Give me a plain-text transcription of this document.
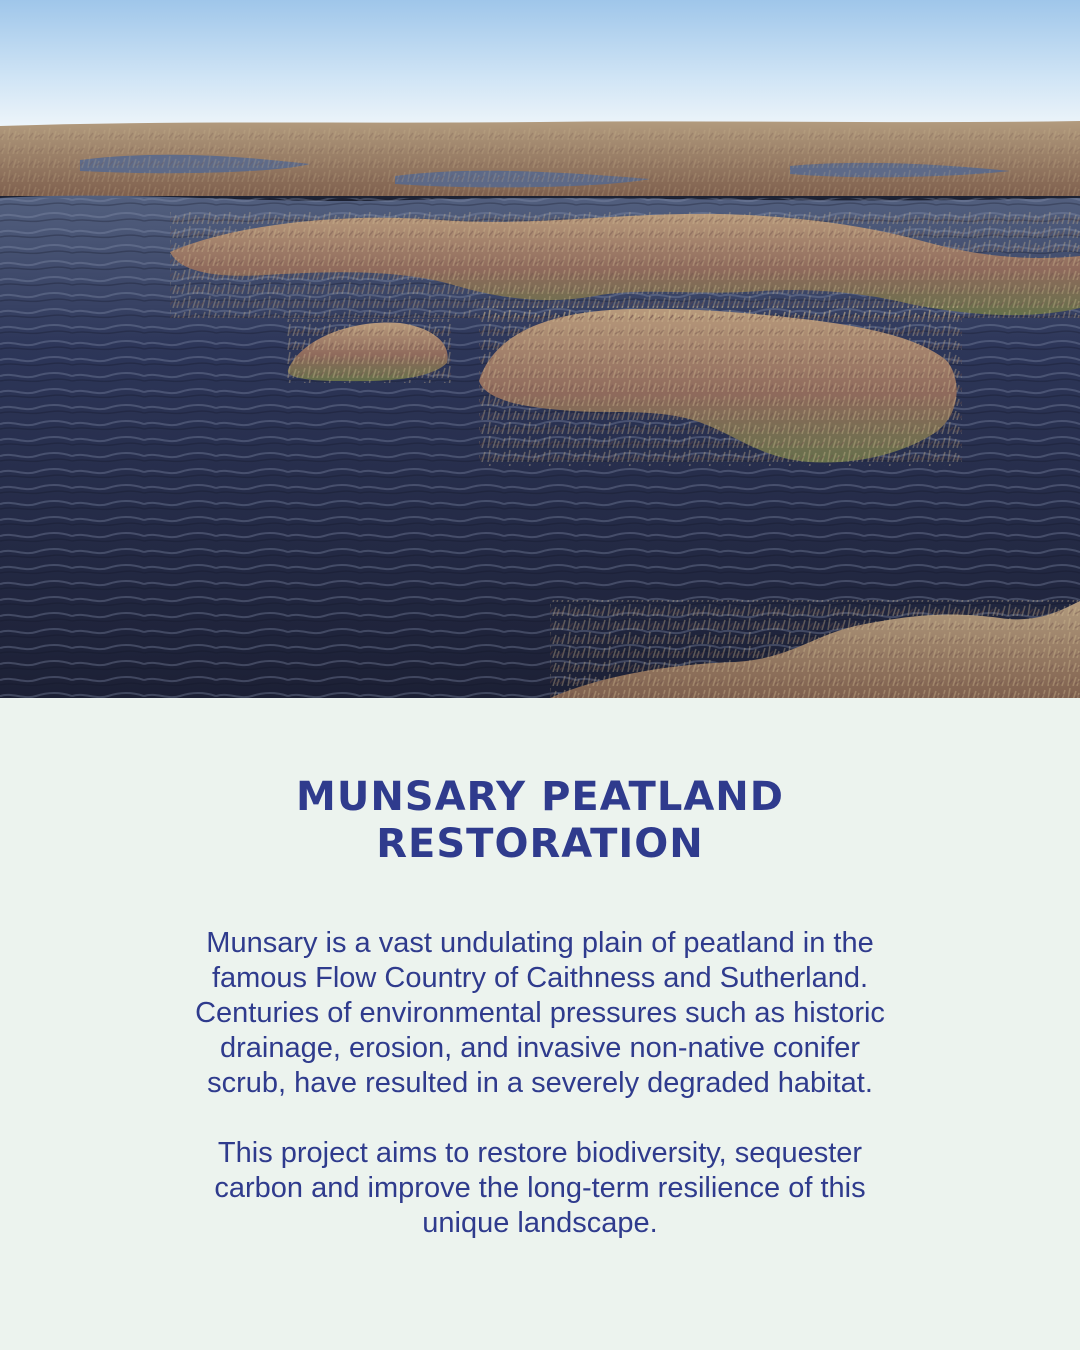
MUNSARY PEATLAND
RESTORATION

Munsary is a vast undulating plain of peatland in the
famous Flow Country of Caithness and Sutherland.
Centuries of environmental pressures such as historic
drainage, erosion, and invasive non-native conifer
scrub, have resulted in a severely degraded habitat.

This project aims to restore biodiversity, sequester
carbon and improve the long-term resilience of this
unique landscape.
